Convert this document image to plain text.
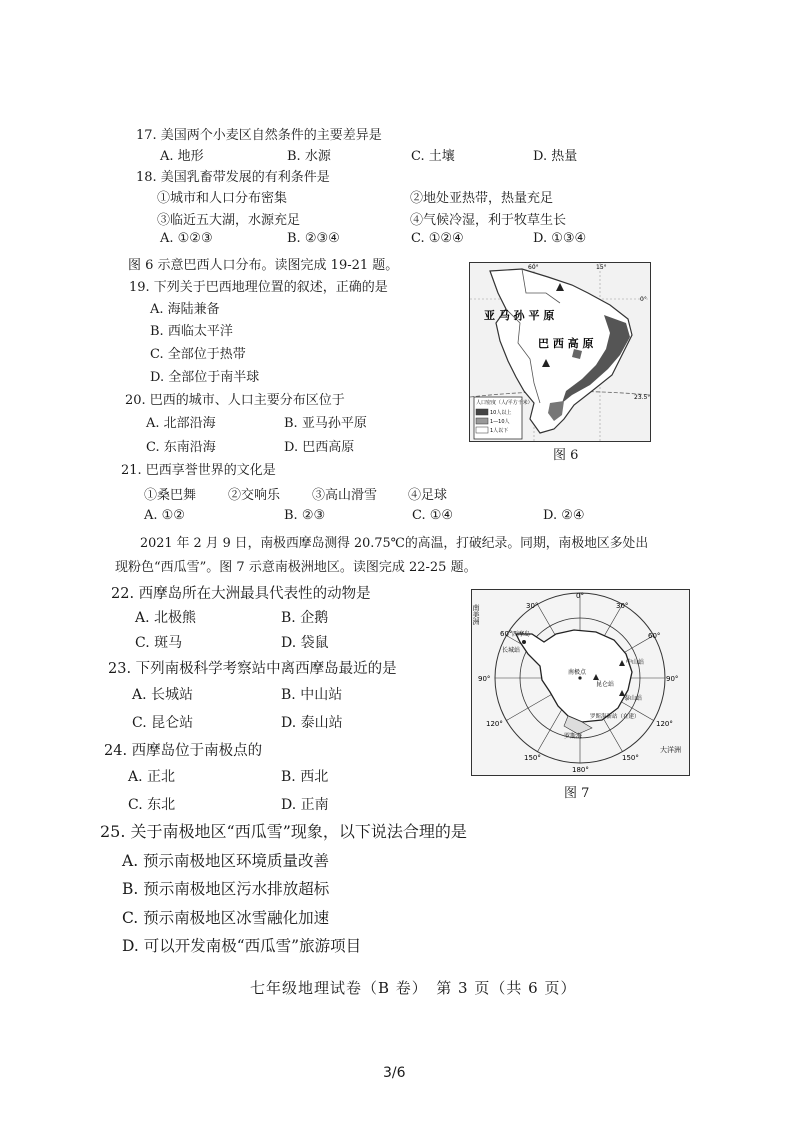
17. 美国两个小麦区自然条件的主要差异是
A. 地形	B. 水源	C. 土壤	D. 热量
18. 美国乳畜带发展的有利条件是
①城市和人口分布密集	②地处亚热带，热量充足
③临近五大湖，水源充足	④气候冷湿，利于牧草生长
A. ①②③	B. ②③④	C. ①②④	D. ①③④
图 6 示意巴西人口分布。读图完成 19-21 题。
19. 下列关于巴西地理位置的叙述，正确的是
A. 海陆兼备
B. 西临太平洋
C. 全部位于热带
D. 全部位于南半球
20. 巴西的城市、人口主要分布区位于
A. 北部沿海	B. 亚马孙平原
C. 东南沿海	D. 巴西高原
21. 巴西享誉世界的文化是
①桑巴舞 ②交响乐 ③高山滑雪 ④足球
A. ①②	B. ②③	C. ①④	D. ②④
2021 年 2 月 9 日，南极西摩岛测得 20.75℃的高温，打破纪录。同期，南极地区多处出
现粉色“西瓜雪”。图 7 示意南极洲地区。读图完成 22-25 题。
22. 西摩岛所在大洲最具代表性的动物是
A. 北极熊	B. 企鹅
C. 斑马	D. 袋鼠
23. 下列南极科学考察站中离西摩岛最近的是
A. 长城站	B. 中山站
C. 昆仑站	D. 泰山站
24. 西摩岛位于南极点的
A. 正北	B. 西北
C. 东北	D. 正南
25. 关于南极地区“西瓜雪”现象，以下说法合理的是
A. 预示南极地区环境质量改善
B. 预示南极地区污水排放超标
C. 预示南极地区冰雪融化加速
D. 可以开发南极“西瓜雪”旅游项目
七年级地理试卷（B 卷）　第 3 页（共 6 页）
3/6
60°	15°
0°
23.5°
亚 马 孙 平 原
巴 西 高 原
人口密度（人/平方千米）
10人以上
1—10人
1人以下
图 6
0°
30°	30°
60°	60°
90°	90°
120°	120°
150°	150°
180°
南美洲
大洋洲
西摩岛
长城站
中山站
南极点
昆仑站
泰山站
罗斯海
罗斯海新站（在建）
图 7
